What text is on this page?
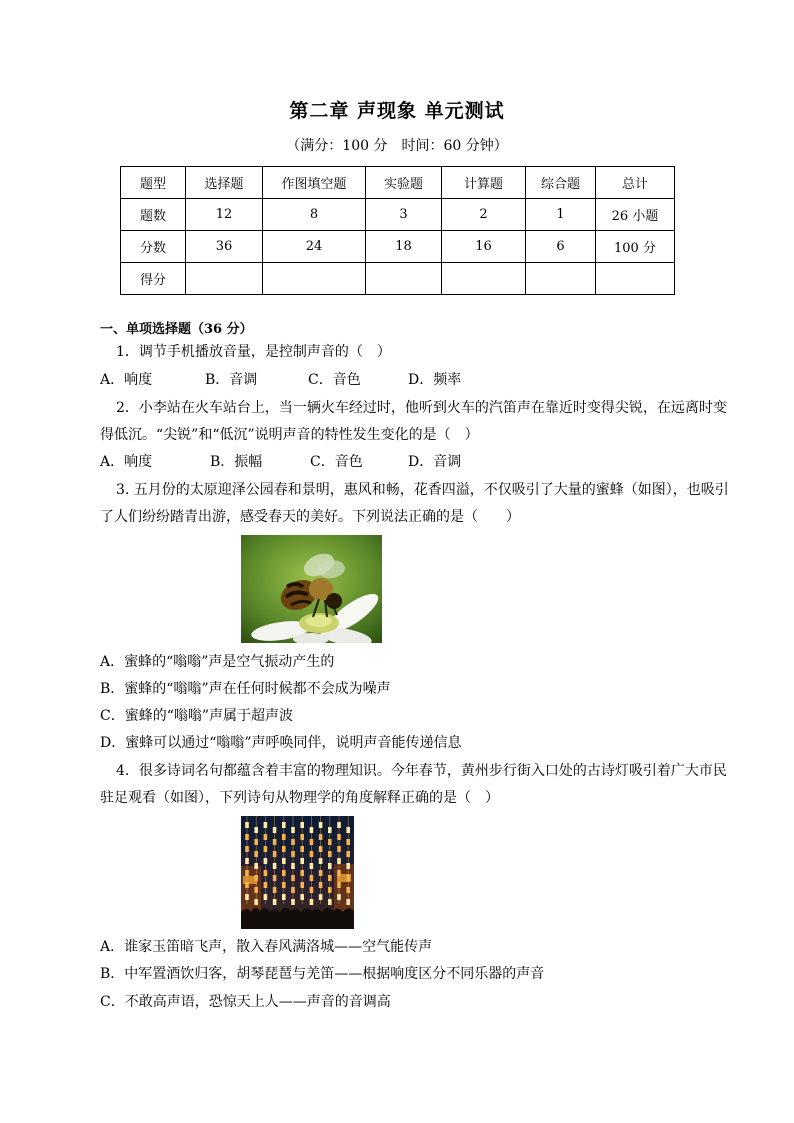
第二章 声现象 单元测试
（满分：100 分　时间：60 分钟）
题型	选择题	作图填空题	实验题	计算题	综合题	总计
题数	12	8	3	2	1	26 小题
分数	36	24	18	16	6	100 分
得分						
一、单项选择题（36 分）
1．调节手机播放音量，是控制声音的（　）
A．响度	B．音调	C．音色	D．频率
2．小李站在火车站台上，当一辆火车经过时，他听到火车的汽笛声在靠近时变得尖锐，在远离时变
得低沉。“尖锐”和“低沉”说明声音的特性发生变化的是（　）
A．响度	B．振幅	C．音色	D．音调
3. 五月份的太原迎泽公园春和景明，惠风和畅，花香四溢，不仅吸引了大量的蜜蜂（如图），也吸引
了人们纷纷踏青出游，感受春天的美好。下列说法正确的是（　　）
A．蜜蜂的“嗡嗡”声是空气振动产生的
B．蜜蜂的“嗡嗡”声在任何时候都不会成为噪声
C．蜜蜂的“嗡嗡”声属于超声波
D．蜜蜂可以通过“嗡嗡”声呼唤同伴，说明声音能传递信息
4．很多诗词名句都蕴含着丰富的物理知识。今年春节，黄州步行街入口处的古诗灯吸引着广大市民
驻足观看（如图），下列诗句从物理学的角度解释正确的是（　）
A．谁家玉笛暗飞声，散入春风满洛城——空气能传声
B．中军置酒饮归客，胡琴琵琶与羌笛——根据响度区分不同乐器的声音
C．不敢高声语，恐惊天上人——声音的音调高
